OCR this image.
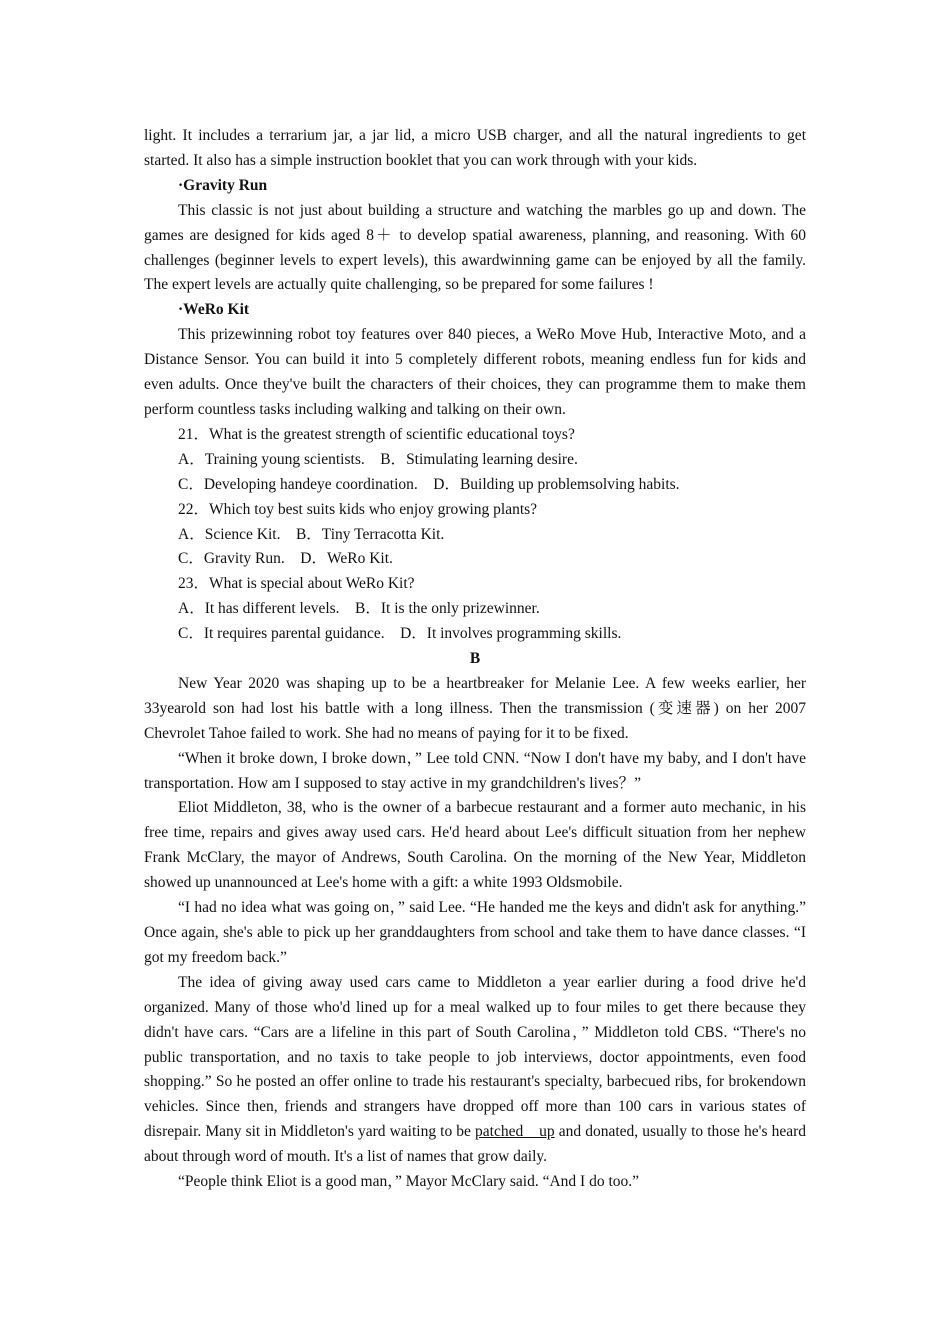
light. It includes a terrarium jar, a jar lid, a micro USB charger, and all the natural ingredients to get started. It also has a simple instruction booklet that you can work through with your kids.

·Gravity Run

This classic is not just about building a structure and watching the marbles go up and down. The games are designed for kids aged 8＋ to develop spatial awareness, planning, and reasoning. With 60 challenges (beginner levels to expert levels), this awardwinning game can be enjoyed by all the family. The expert levels are actually quite challenging, so be prepared for some failures !

·WeRo Kit

This prizewinning robot toy features over 840 pieces, a WeRo Move Hub, Interactive Moto, and a Distance Sensor. You can build it into 5 completely different robots, meaning endless fun for kids and even adults. Once they've built the characters of their choices, they can programme them to make them perform countless tasks including walking and talking on their own.

21．What is the greatest strength of scientific educational toys?

A．Training young scientists.　B．Stimulating learning desire.

C．Developing handeye coordination.　D．Building up problemsolving habits.

22．Which toy best suits kids who enjoy growing plants?

A．Science Kit.　B．Tiny Terracotta Kit.

C．Gravity Run.　D．WeRo Kit.

23．What is special about WeRo Kit?

A．It has different levels.　B．It is the only prizewinner.

C．It requires parental guidance.　D．It involves programming skills.

B

New Year 2020 was shaping up to be a heartbreaker for Melanie Lee. A few weeks earlier, her 33yearold son had lost his battle with a long illness. Then the transmission (变速器) on her 2007 Chevrolet Tahoe failed to work. She had no means of paying for it to be fixed.

“When it broke down, I broke down，” Lee told CNN. “Now I don't have my baby, and I don't have transportation. How am I supposed to stay active in my grandchildren's lives？”

Eliot Middleton, 38, who is the owner of a barbecue restaurant and a former auto mechanic, in his free time, repairs and gives away used cars. He'd heard about Lee's difficult situation from her nephew Frank McClary, the mayor of Andrews, South Carolina. On the morning of the New Year, Middleton showed up unannounced at Lee's home with a gift: a white 1993 Oldsmobile.

“I had no idea what was going on，” said Lee. “He handed me the keys and didn't ask for anything.” Once again, she's able to pick up her granddaughters from school and take them to have dance classes. “I got my freedom back.”

The idea of giving away used cars came to Middleton a year earlier during a food drive he'd organized. Many of those who'd lined up for a meal walked up to four miles to get there because they didn't have cars. “Cars are a lifeline in this part of South Carolina，” Middleton told CBS. “There's no public transportation, and no taxis to take people to job interviews, doctor appointments, even food shopping.” So he posted an offer online to trade his restaurant's specialty, barbecued ribs, for brokendown vehicles. Since then, friends and strangers have dropped off more than 100 cars in various states of disrepair. Many sit in Middleton's yard waiting to be patched　up and donated, usually to those he's heard about through word of mouth. It's a list of names that grow daily.

“People think Eliot is a good man，” Mayor McClary said. “And I do too.”
